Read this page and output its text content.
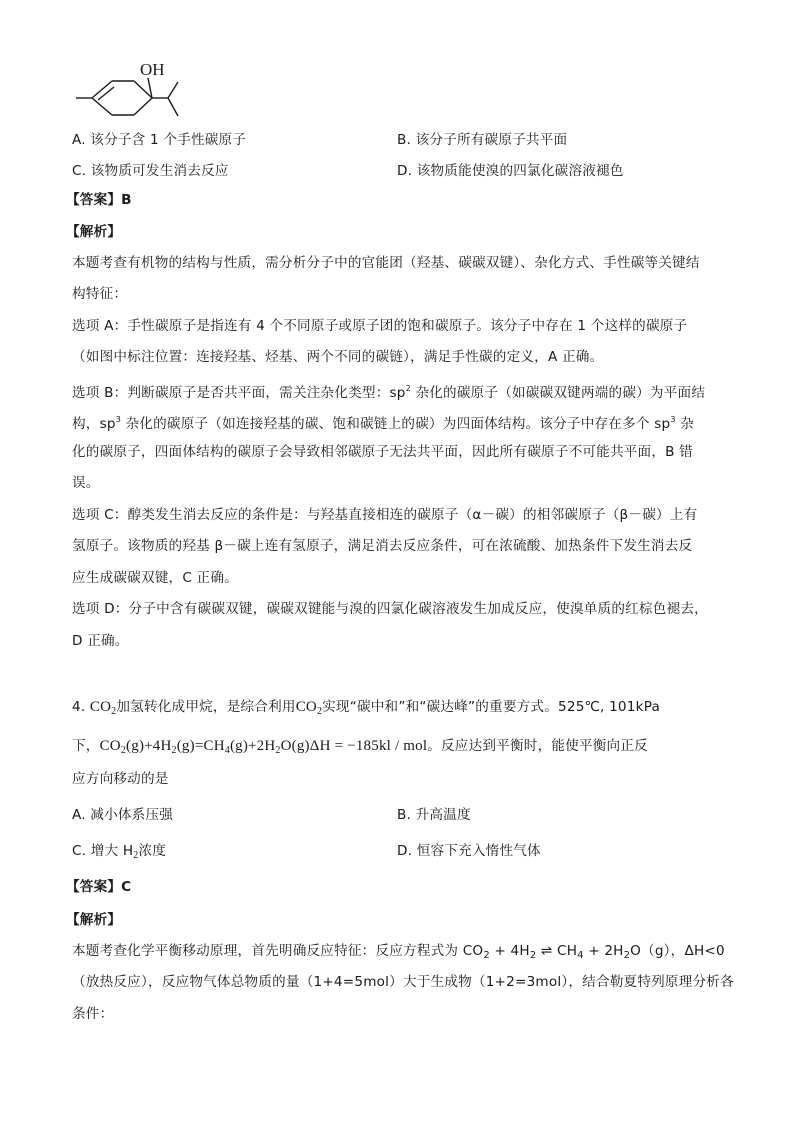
OH
A. 该分子含 1 个手性碳原子	B. 该分子所有碳原子共平面
C. 该物质可发生消去反应	D. 该物质能使溴的四氯化碳溶液褪色
【答案】B
【解析】
本题考查有机物的结构与性质，需分析分子中的官能团（羟基、碳碳双键）、杂化方式、手性碳等关键结
构特征：
选项 A：手性碳原子是指连有 4 个不同原子或原子团的饱和碳原子。该分子中存在 1 个这样的碳原子
（如图中标注位置：连接羟基、烃基、两个不同的碳链），满足手性碳的定义，A 正确。
选项 B：判断碳原子是否共平面，需关注杂化类型：$sp^2$ 杂化的碳原子（如碳碳双键两端的碳）为平面结
构，$sp^3$ 杂化的碳原子（如连接羟基的碳、饱和碳链上的碳）为四面体结构。该分子中存在多个 $sp^3$ 杂
化的碳原子，四面体结构的碳原子会导致相邻碳原子无法共平面，因此所有碳原子不可能共平面，B 错
误。
选项 C：醇类发生消去反应的条件是：与羟基直接相连的碳原子（α－碳）的相邻碳原子（β－碳）上有
氢原子。该物质的羟基 β－碳上连有氢原子，满足消去反应条件，可在浓硫酸、加热条件下发生消去反
应生成碳碳双键，C 正确。
选项 D：分子中含有碳碳双键，碳碳双键能与溴的四氯化碳溶液发生加成反应，使溴单质的红棕色褪去，
D 正确。
4. $CO_2$加氢转化成甲烷，是综合利用$CO_2$实现“碳中和”和“碳达峰”的重要方式。525℃, 101kPa
下，$CO_2(g)+4H_2(g)=CH_4(g)+2H_2O(g)\Delta H = -185kl$ / mol。反应达到平衡时，能使平衡向正反
应方向移动的是
A. 减小体系压强	B. 升高温度
C. 增大 $H_2$浓度	D. 恒容下充入惰性气体
【答案】C
【解析】
本题考查化学平衡移动原理，首先明确反应特征：反应方程式为 $CO_2 + 4H_2$ ⇌ $CH_4 + 2H_2O(g)$，ΔH<0
（放热反应），反应物气体总物质的量（1+4=5mol）大于生成物（1+2=3mol），结合勒夏特列原理分析各
条件：
